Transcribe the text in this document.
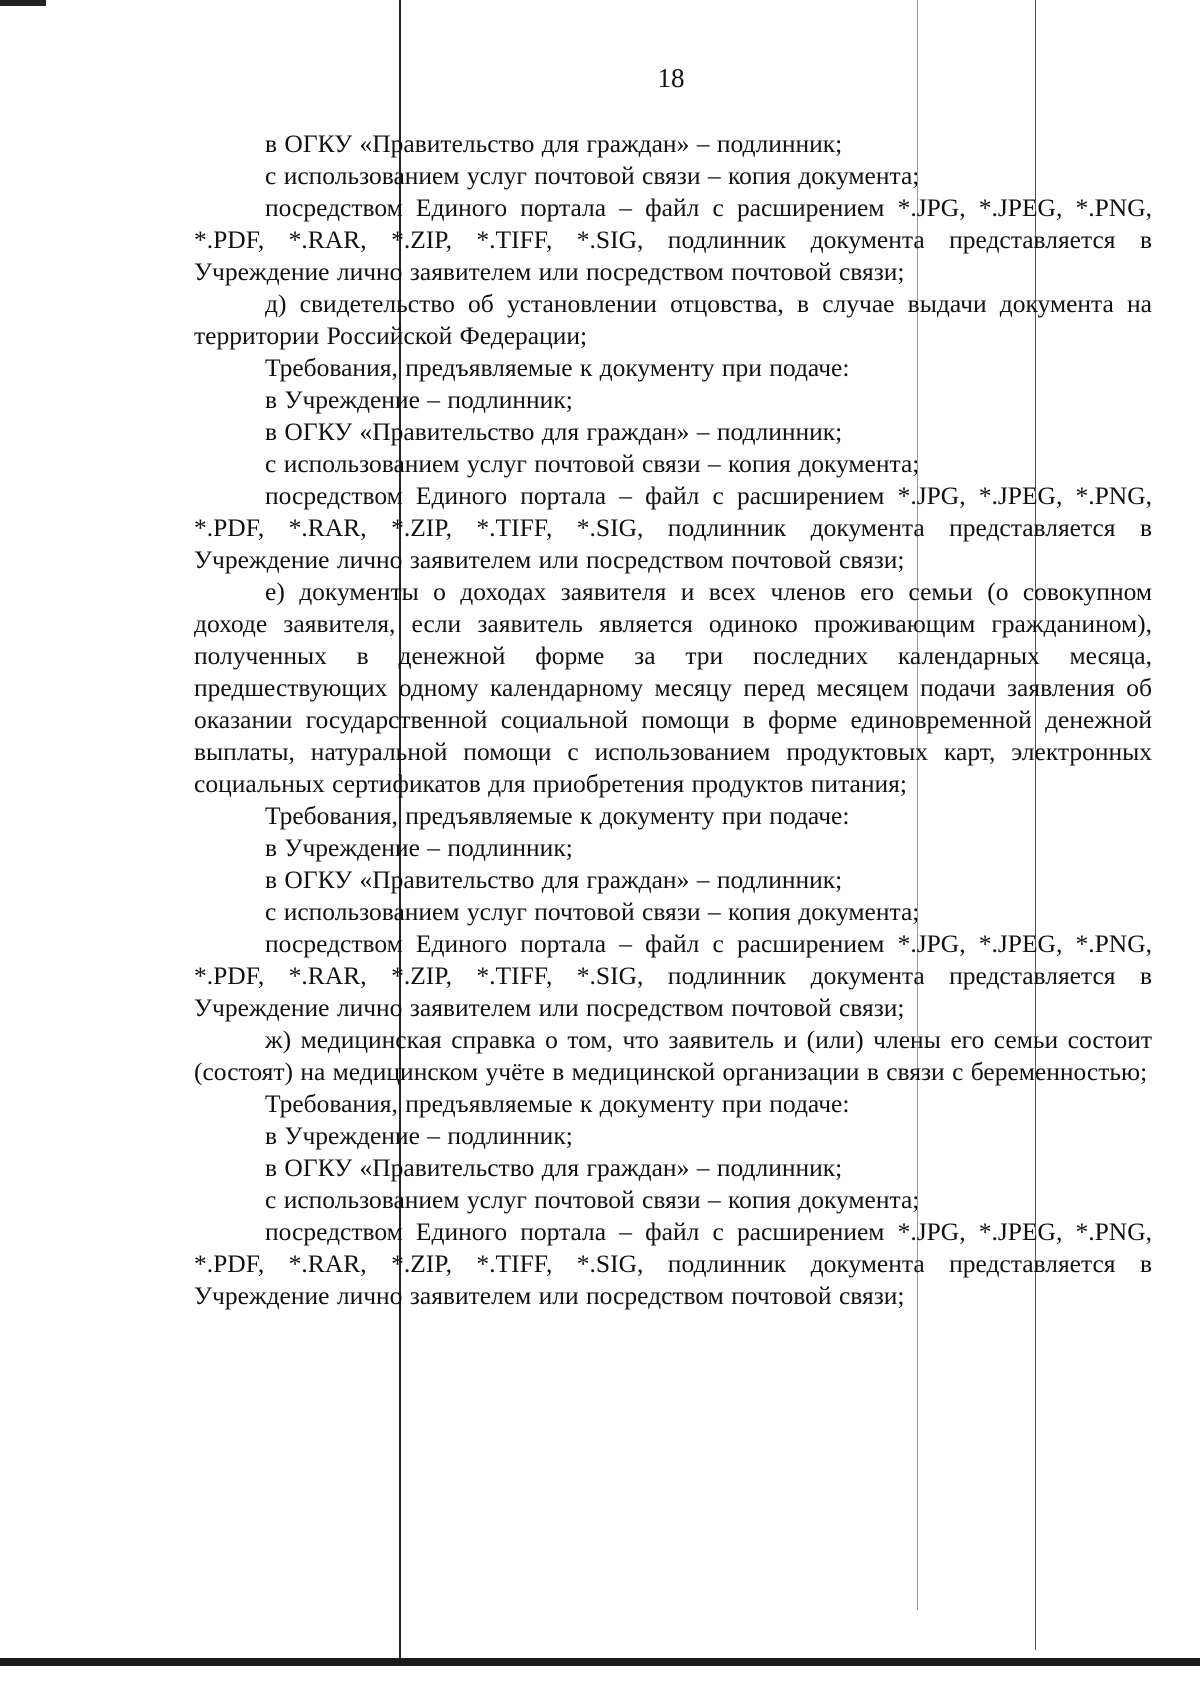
18

в ОГКУ «Правительство для граждан» – подлинник;

с использованием услуг почтовой связи – копия документа;

посредством Единого портала – файл с расширением *.JPG, *.JPEG, *.PNG, *.PDF, *.RAR, *.ZIP, *.TIFF, *.SIG, подлинник документа представляется в Учреждение лично заявителем или посредством почтовой связи;

д) свидетельство об установлении отцовства, в случае выдачи документа на территории Российской Федерации;

Требования, предъявляемые к документу при подаче:

в Учреждение – подлинник;

в ОГКУ «Правительство для граждан» – подлинник;

с использованием услуг почтовой связи – копия документа;

посредством Единого портала – файл с расширением *.JPG, *.JPEG, *.PNG, *.PDF, *.RAR, *.ZIP, *.TIFF, *.SIG, подлинник документа представляется в Учреждение лично заявителем или посредством почтовой связи;

е) документы о доходах заявителя и всех членов его семьи (о совокупном доходе заявителя, если заявитель является одиноко проживающим гражданином), полученных в денежной форме за три последних календарных месяца, предшествующих одному календарному месяцу перед месяцем подачи заявления об оказании государственной социальной помощи в форме единовременной денежной выплаты, натуральной помощи с использованием продуктовых карт, электронных социальных сертификатов для приобретения продуктов питания;

Требования, предъявляемые к документу при подаче:

в Учреждение – подлинник;

в ОГКУ «Правительство для граждан» – подлинник;

с использованием услуг почтовой связи – копия документа;

посредством Единого портала – файл с расширением *.JPG, *.JPEG, *.PNG, *.PDF, *.RAR, *.ZIP, *.TIFF, *.SIG, подлинник документа представляется в Учреждение лично заявителем или посредством почтовой связи;

ж) медицинская справка о том, что заявитель и (или) члены его семьи состоит (состоят) на медицинском учёте в медицинской организации в связи с беременностью;

Требования, предъявляемые к документу при подаче:

в Учреждение – подлинник;

в ОГКУ «Правительство для граждан» – подлинник;

с использованием услуг почтовой связи – копия документа;

посредством Единого портала – файл с расширением *.JPG, *.JPEG, *.PNG, *.PDF, *.RAR, *.ZIP, *.TIFF, *.SIG, подлинник документа представляется в Учреждение лично заявителем или посредством почтовой связи;
